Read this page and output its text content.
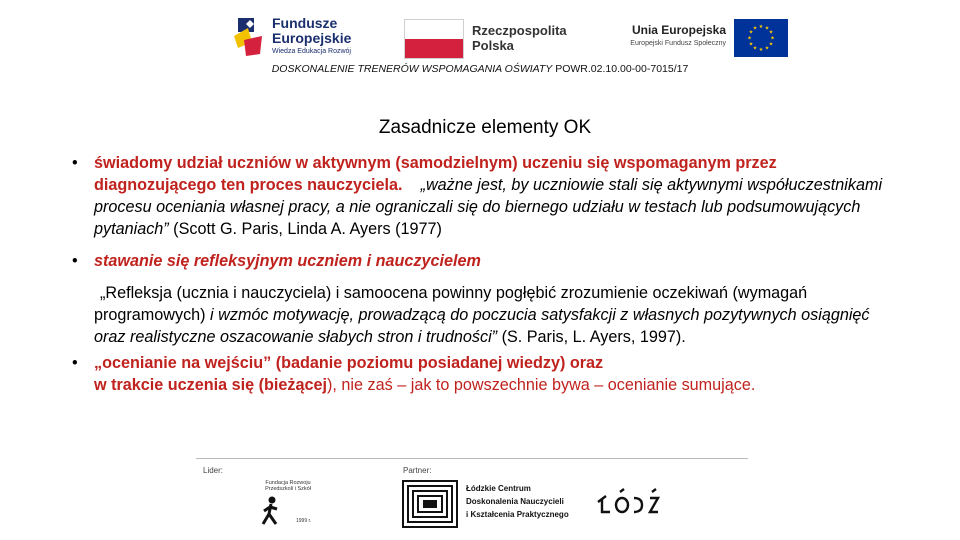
Fundusze
Europejskie
Wiedza Edukacja Rozwój
Rzeczpospolita
Polska
Unia Europejska
Europejski Fundusz Społeczny
★ ★
★
★
★
★
★
★
★
★
★
★
DOSKONALENIE TRENERÓW WSPOMAGANIA OŚWIATY POWR.02.10.00-00-7015/17
Zasadnicze elementy OK
• świadomy udział uczniów w aktywnym (samodzielnym) uczeniu się wspomaganym przez diagnozującego ten proces nauczyciela. „ważne jest, by uczniowie stali się aktywnymi współuczestnikami procesu oceniania własnej pracy, a nie ograniczali się do biernego udziału w testach lub podsumowujących pytaniach” (Scott G. Paris, Linda A. Ayers (1977)
• stawanie się refleksyjnym uczniem i nauczycielem
„Refleksja (ucznia i nauczyciela) i samoocena powinny pogłębić zrozumienie oczekiwań (wymagań programowych) i wzmóc motywację, prowadzącą do poczucia satysfakcji z własnych pozytywnych osiągnięć oraz realistyczne oszacowanie słabych stron i trudności” (S. Paris, L. Ayers, 1997).
• „ocenianie na wejściu” (badanie poziomu posiadanej wiedzy) oraz
w trakcie uczenia się (bieżącej), nie zaś – jak to powszechnie bywa – ocenianie sumujące.
Lider:	Partner:
Fundacja Rozwoju Przedszkoli i Szkół
1999 r.
Łódzkie Centrum
Doskonalenia Nauczycieli
i Kształcenia Praktycznego
